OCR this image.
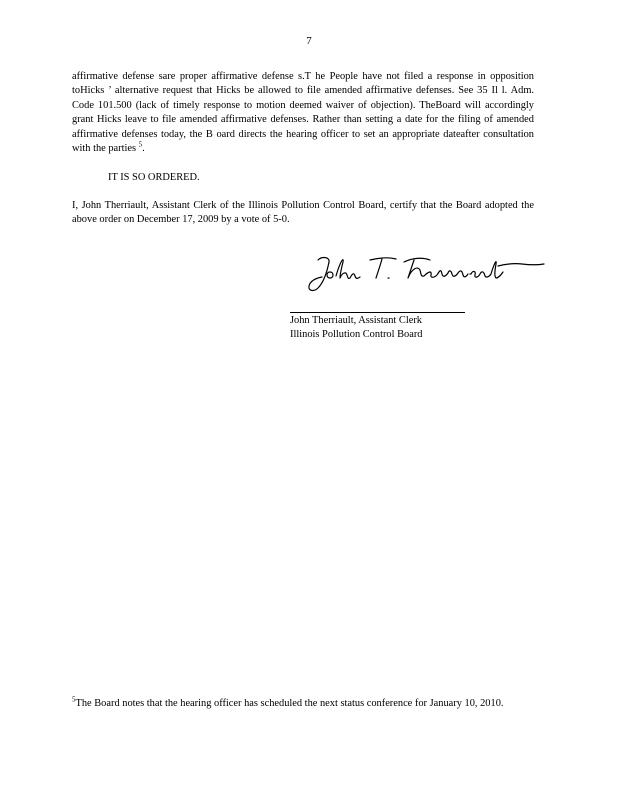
7
affirmative defense sare proper affirmative defense s.T he People have not filed a response in opposition toHicks ’ alternative request that Hicks be allowed to file amended affirmative defenses. See 35 Il l. Adm. Code 101.500 (lack of timely response to motion deemed waiver of objection). TheBoard will accordingly grant Hicks leave to file amended affirmative defenses. Rather than setting a date for the filing of amended affirmative defenses today, the B oard directs the hearing officer to set an appropriate dateafter consultation with the parties $^5$.
IT IS SO ORDERED.
I, John Therriault, Assistant Clerk of the Illinois Pollution Control Board, certify that the Board adopted the above order on December 17, 2009 by a vote of 5-0.
John Therriault, Assistant Clerk
Illinois Pollution Control Board
$^5$The Board notes that the hearing officer has scheduled the next status conference for January 10, 2010.
